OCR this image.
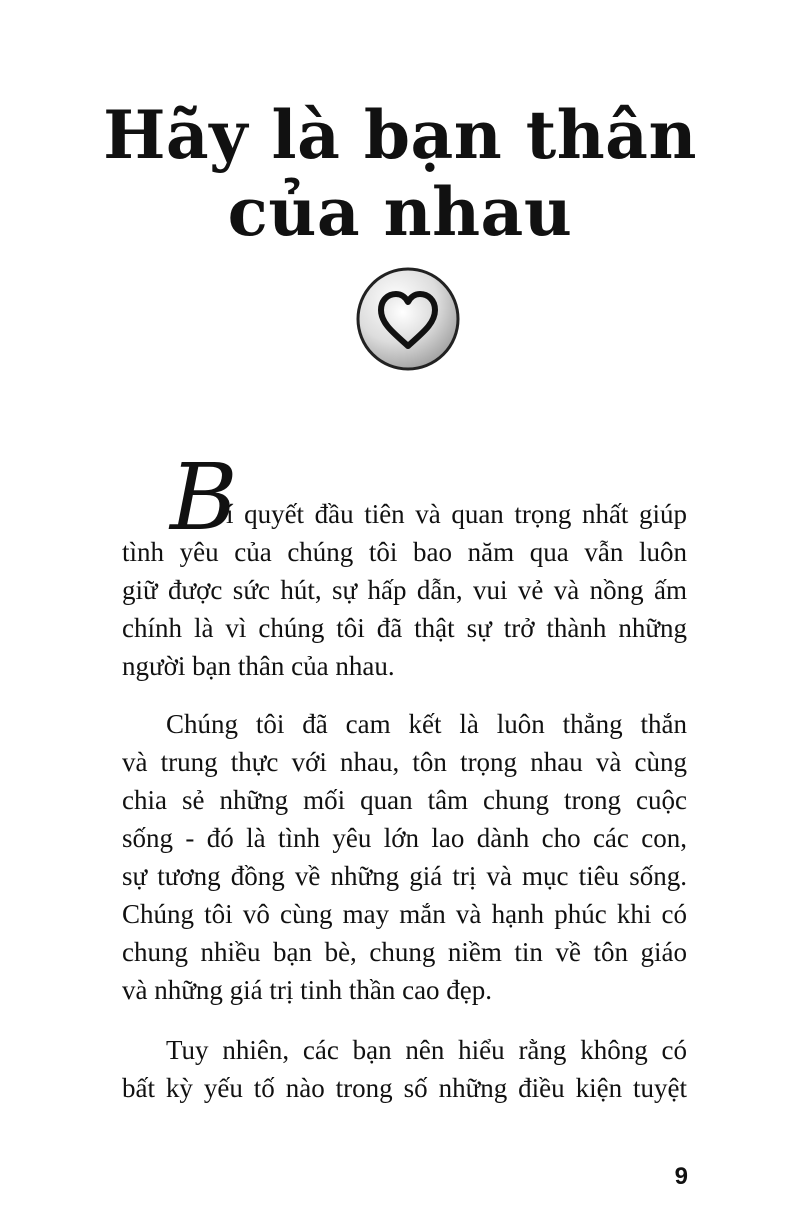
Hãy là bạn thân
của nhau
B
í quyết đầu tiên và quan trọng nhất giúp
tình yêu của chúng tôi bao năm qua vẫn luôn
giữ được sức hút, sự hấp dẫn, vui vẻ và nồng ấm
chính là vì chúng tôi đã thật sự trở thành những
người bạn thân của nhau.
Chúng tôi đã cam kết là luôn thẳng thắn
và trung thực với nhau, tôn trọng nhau và cùng
chia sẻ những mối quan tâm chung trong cuộc
sống - đó là tình yêu lớn lao dành cho các con,
sự tương đồng về những giá trị và mục tiêu sống.
Chúng tôi vô cùng may mắn và hạnh phúc khi có
chung nhiều bạn bè, chung niềm tin về tôn giáo
và những giá trị tinh thần cao đẹp.
Tuy nhiên, các bạn nên hiểu rằng không có
bất kỳ yếu tố nào trong số những điều kiện tuyệt
9
